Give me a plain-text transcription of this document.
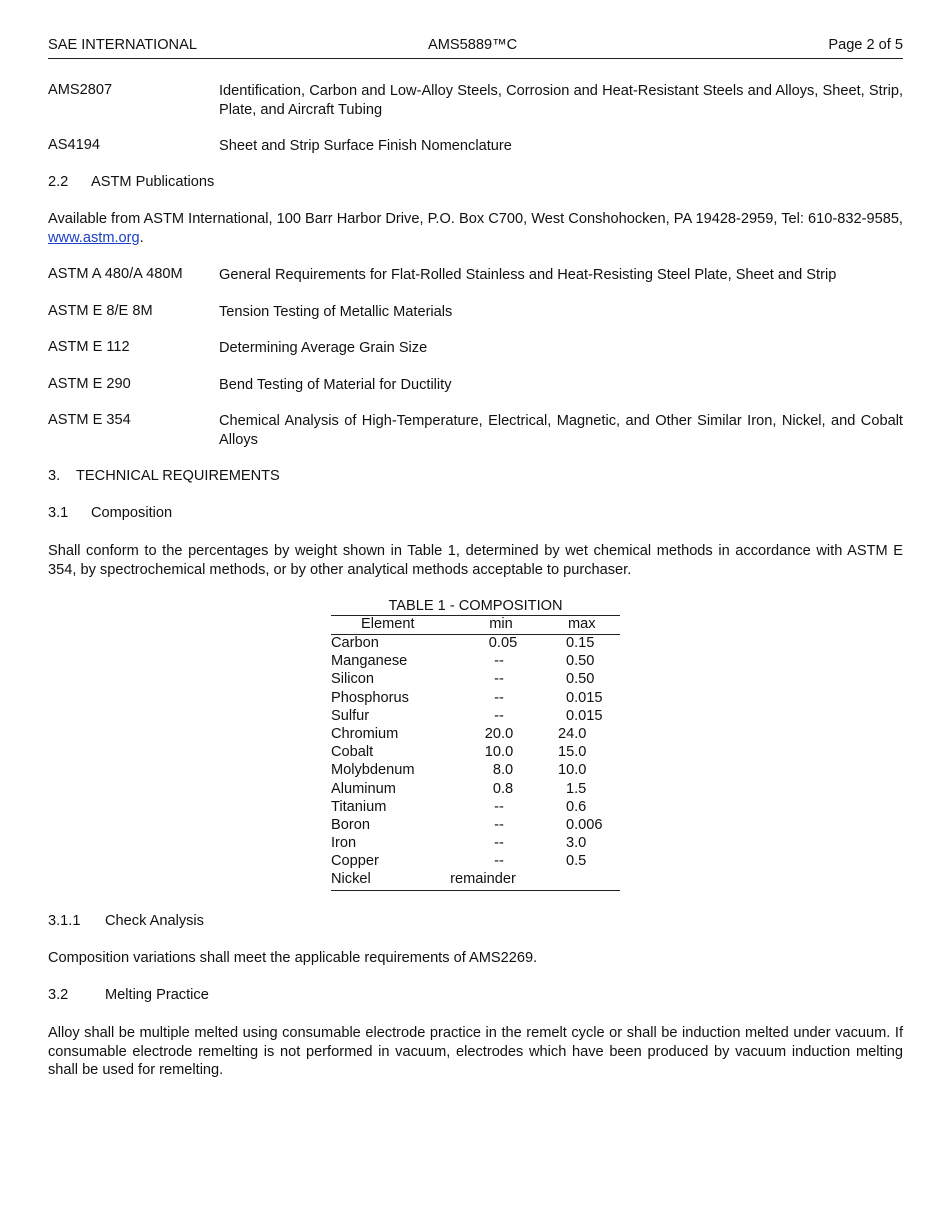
SAE INTERNATIONAL	AMS5889™C	Page 2 of 5
AMS2807	Identification, Carbon and Low-Alloy Steels, Corrosion and Heat-Resistant Steels and Alloys, Sheet, Strip, Plate, and Aircraft Tubing
AS4194	Sheet and Strip Surface Finish Nomenclature
2.2 ASTM Publications
Available from ASTM International, 100 Barr Harbor Drive, P.O. Box C700, West Conshohocken, PA 19428-2959, Tel: 610-832-9585, www.astm.org.
ASTM A 480/A 480M General Requirements for Flat-Rolled Stainless and Heat-Resisting Steel Plate, Sheet and Strip
ASTM E 8/E 8M	Tension Testing of Metallic Materials
ASTM E 112	Determining Average Grain Size
ASTM E 290	Bend Testing of Material for Ductility
ASTM E 354	Chemical Analysis of High-Temperature, Electrical, Magnetic, and Other Similar Iron, Nickel, and Cobalt Alloys
3. TECHNICAL REQUIREMENTS
3.1 Composition
Shall conform to the percentages by weight shown in Table 1, determined by wet chemical methods in accordance with ASTM E 354, by spectrochemical methods, or by other analytical methods acceptable to purchaser.
TABLE 1 - COMPOSITION
Element	min	max
Carbon	0.05	0.15
Manganese	--	0.50
Silicon	--	0.50
Phosphorus	--	0.015
Sulfur	--	0.015
Chromium	20.0	24.0
Cobalt	10.0	15.0
Molybdenum	8.0	10.0
Aluminum	0.8	1.5
Titanium	--	0.6
Boron	--	0.006
Iron	--	3.0
Copper	--	0.5
Nickel	remainder
3.1.1 Check Analysis
Composition variations shall meet the applicable requirements of AMS2269.
3.2	Melting Practice
Alloy shall be multiple melted using consumable electrode practice in the remelt cycle or shall be induction melted under vacuum. If consumable electrode remelting is not performed in vacuum, electrodes which have been produced by vacuum induction melting shall be used for remelting.
